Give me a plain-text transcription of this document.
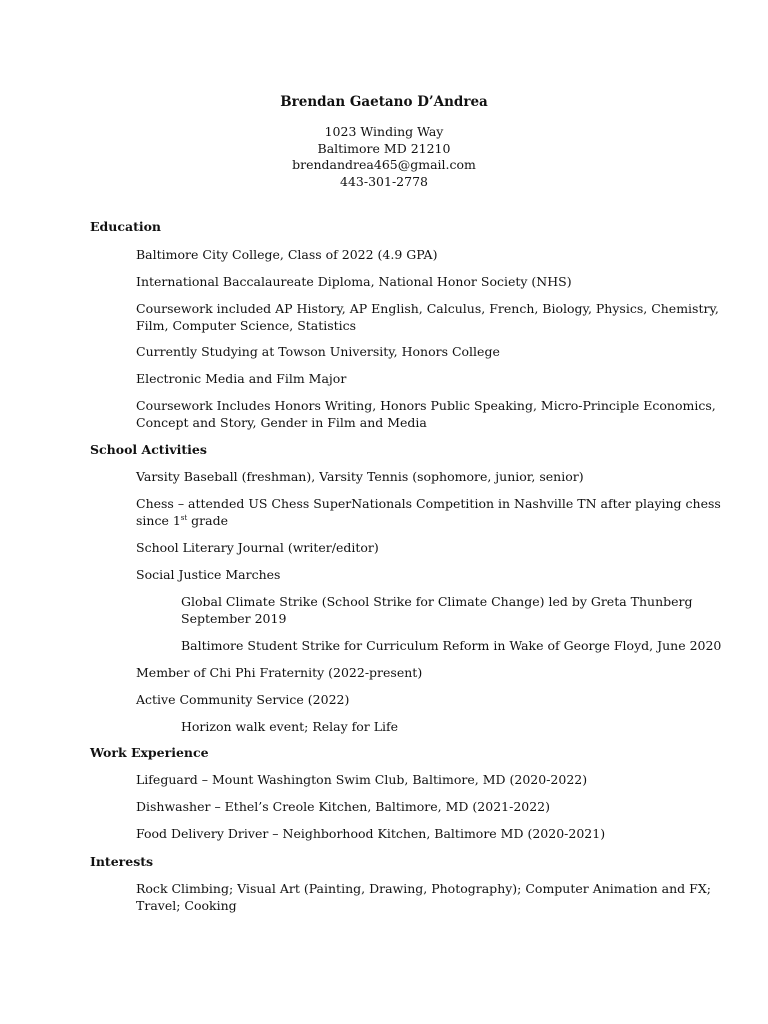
Brendan Gaetano D’Andrea
1023 Winding Way
Baltimore MD 21210
brendandrea465@gmail.com
443-301-2778
Education
Baltimore City College, Class of 2022 (4.9 GPA)
International Baccalaureate Diploma, National Honor Society (NHS)
Coursework included AP History, AP English, Calculus, French, Biology, Physics, Chemistry,
Film, Computer Science, Statistics
Currently Studying at Towson University, Honors College
Electronic Media and Film Major
Coursework Includes Honors Writing, Honors Public Speaking, Micro-Principle Economics,
Concept and Story, Gender in Film and Media
School Activities
Varsity Baseball (freshman), Varsity Tennis (sophomore, junior, senior)
Chess – attended US Chess SuperNationals Competition in Nashville TN after playing chess
since 1st grade
School Literary Journal (writer/editor)
Social Justice Marches
Global Climate Strike (School Strike for Climate Change) led by Greta Thunberg
September 2019
Baltimore Student Strike for Curriculum Reform in Wake of George Floyd, June 2020
Member of Chi Phi Fraternity (2022-present)
Active Community Service (2022)
Horizon walk event; Relay for Life
Work Experience
Lifeguard – Mount Washington Swim Club, Baltimore, MD (2020-2022)
Dishwasher – Ethel’s Creole Kitchen, Baltimore, MD (2021-2022)
Food Delivery Driver – Neighborhood Kitchen, Baltimore MD (2020-2021)
Interests
Rock Climbing; Visual Art (Painting, Drawing, Photography); Computer Animation and FX;
Travel; Cooking
